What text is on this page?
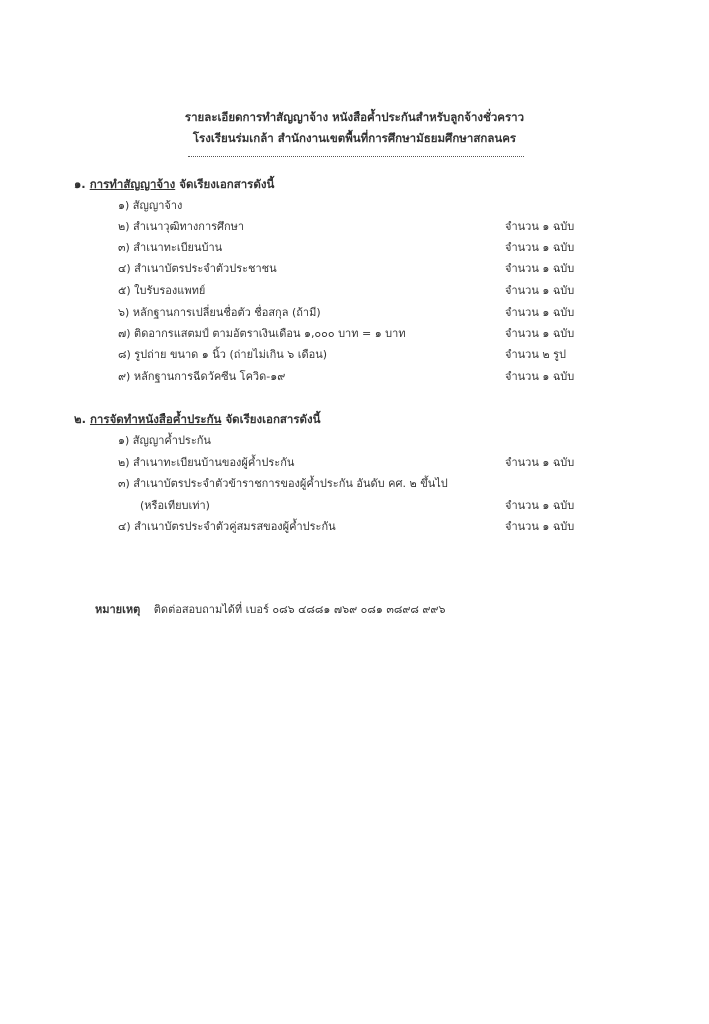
รายละเอียดการทำสัญญาจ้าง หนังสือค้ำประกันสำหรับลูกจ้างชั่วคราว
โรงเรียนร่มเกล้า สำนักงานเขตพื้นที่การศึกษามัธยมศึกษาสกลนคร
๑. การทำสัญญาจ้าง จัดเรียงเอกสารดังนี้
๑) สัญญาจ้าง
๒) สำเนาวุฒิทางการศึกษา	จำนวน ๑ ฉบับ
๓) สำเนาทะเบียนบ้าน	จำนวน ๑ ฉบับ
๔) สำเนาบัตรประจำตัวประชาชน	จำนวน ๑ ฉบับ
๕) ใบรับรองแพทย์	จำนวน ๑ ฉบับ
๖) หลักฐานการเปลี่ยนชื่อตัว ชื่อสกุล (ถ้ามี)	จำนวน ๑ ฉบับ
๗) ติดอากรแสตมป์ ตามอัตราเงินเดือน ๑,๐๐๐ บาท = ๑ บาท	จำนวน ๑ ฉบับ
๘) รูปถ่าย ขนาด ๑ นิ้ว (ถ่ายไม่เกิน ๖ เดือน)	จำนวน ๒ รูป
๙) หลักฐานการฉีดวัคซีน โควิด-๑๙	จำนวน ๑ ฉบับ
๒. การจัดทำหนังสือค้ำประกัน จัดเรียงเอกสารดังนี้
๑) สัญญาค้ำประกัน
๒) สำเนาทะเบียนบ้านของผู้ค้ำประกัน	จำนวน ๑ ฉบับ
๓) สำเนาบัตรประจำตัวข้าราชการของผู้ค้ำประกัน อันดับ คศ. ๒ ขึ้นไป
(หรือเทียบเท่า)	จำนวน ๑ ฉบับ
๔) สำเนาบัตรประจำตัวคู่สมรสของผู้ค้ำประกัน	จำนวน ๑ ฉบับ
หมายเหตุ ติดต่อสอบถามได้ที่ เบอร์ ๐๘๖ ๔๘๘๑ ๗๖๙ ๐๘๑ ๓๘๙๘ ๙๙๖
